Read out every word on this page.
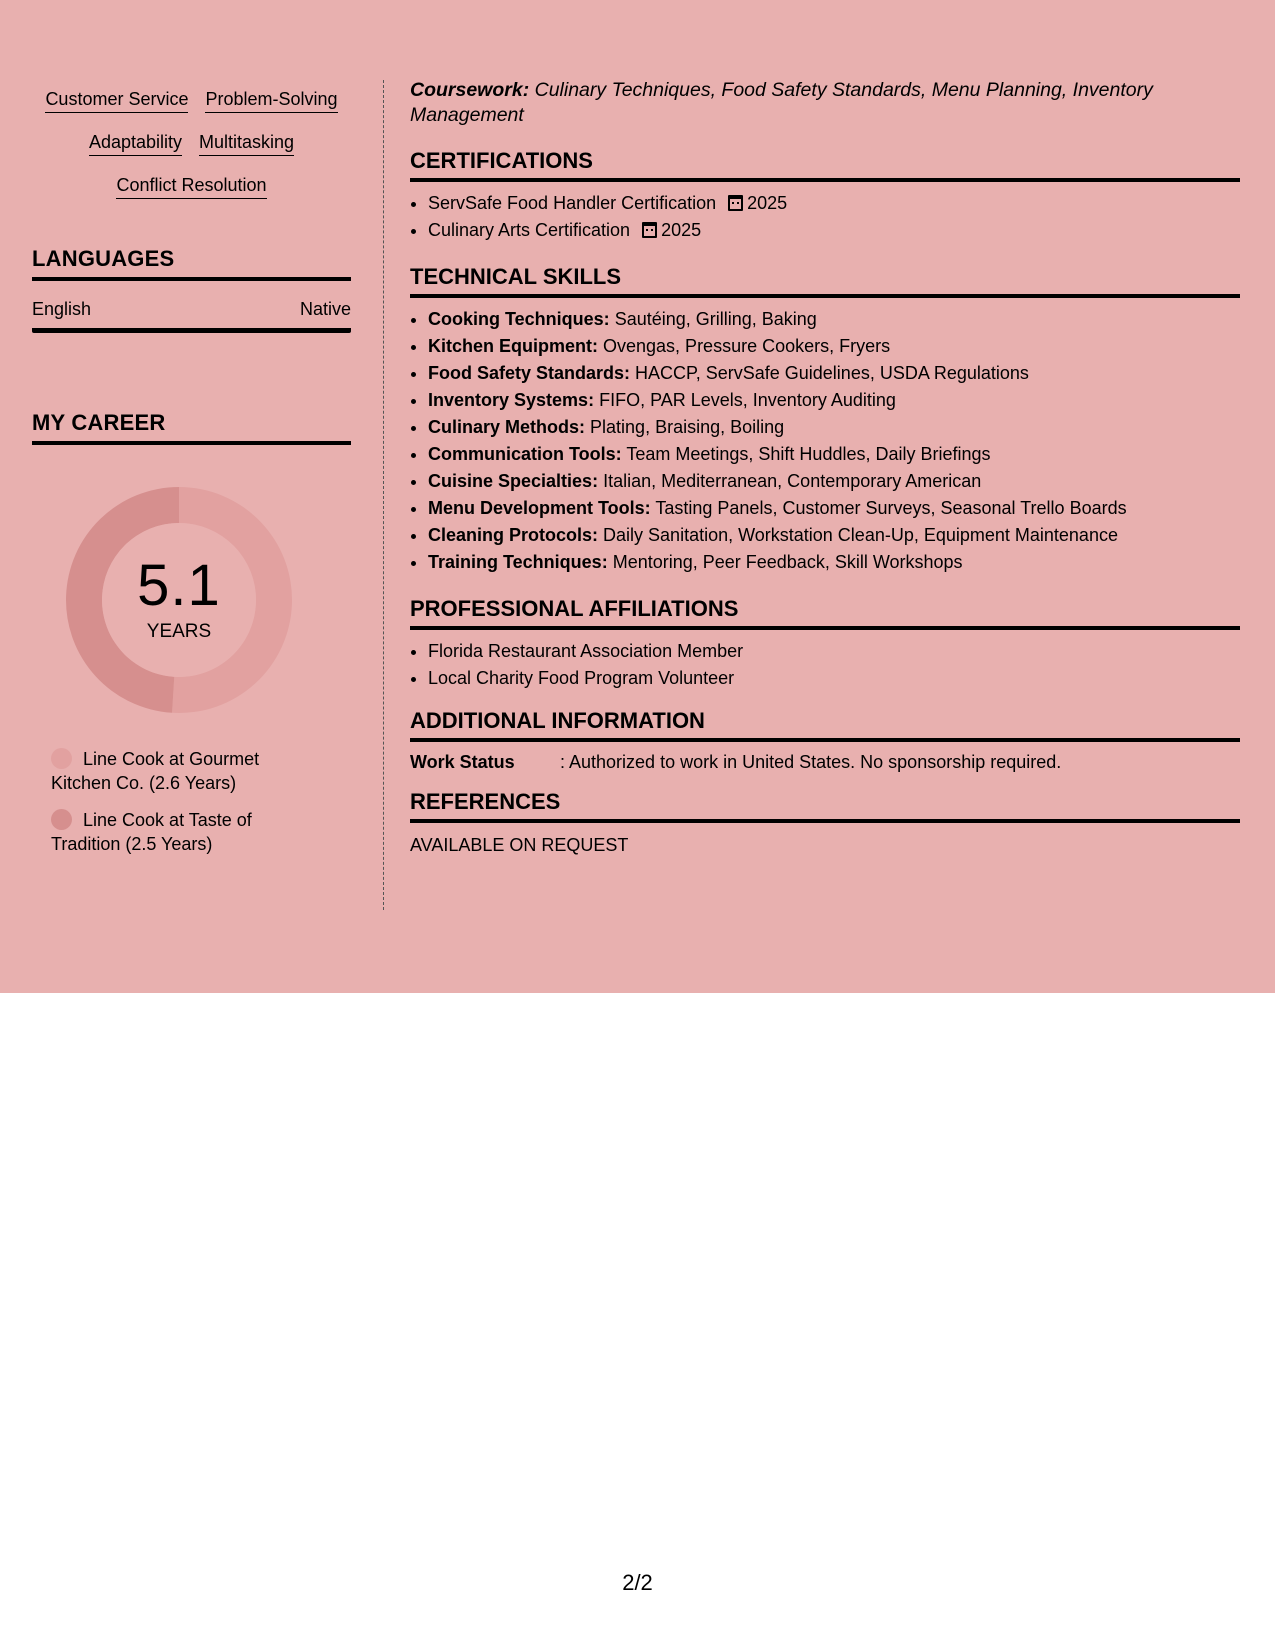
Customer Service Problem-Solving
Adaptability Multitasking
Conflict Resolution
LANGUAGES
English	Native
MY CAREER
5.1
YEARS
Line Cook at Gourmet Kitchen Co. (2.6 Years)
Line Cook at Taste of Tradition (2.5 Years)
Coursework: Culinary Techniques, Food Safety Standards, Menu Planning, Inventory Management
CERTIFICATIONS
• ServSafe Food Handler Certification 2025
• Culinary Arts Certification 2025
TECHNICAL SKILLS
• Cooking Techniques: Sautéing, Grilling, Baking
• Kitchen Equipment: Ovengas, Pressure Cookers, Fryers
• Food Safety Standards: HACCP, ServSafe Guidelines, USDA Regulations
• Inventory Systems: FIFO, PAR Levels, Inventory Auditing
• Culinary Methods: Plating, Braising, Boiling
• Communication Tools: Team Meetings, Shift Huddles, Daily Briefings
• Cuisine Specialties: Italian, Mediterranean, Contemporary American
• Menu Development Tools: Tasting Panels, Customer Surveys, Seasonal Trello Boards
• Cleaning Protocols: Daily Sanitation, Workstation Clean-Up, Equipment Maintenance
• Training Techniques: Mentoring, Peer Feedback, Skill Workshops
PROFESSIONAL AFFILIATIONS
• Florida Restaurant Association Member
• Local Charity Food Program Volunteer
ADDITIONAL INFORMATION
Work Status	: Authorized to work in United States. No sponsorship required.
REFERENCES
AVAILABLE ON REQUEST
2/2
